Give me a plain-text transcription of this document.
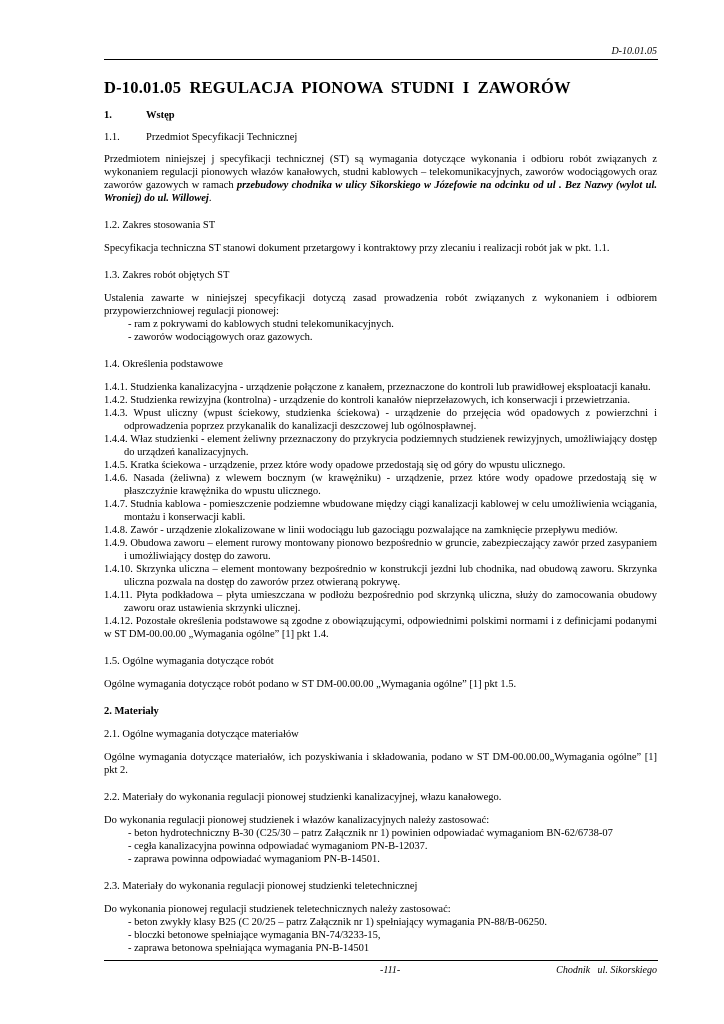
D-10.01.05
D-10.01.05 REGULACJA PIONOWA STUDNI I ZAWORÓW
1.	Wstęp
1.1.	Przedmiot Specyfikacji Technicznej

Przedmiotem niniejszej j specyfikacji technicznej (ST) są wymagania dotyczące wykonania i odbioru robót związanych z wykonaniem regulacji pionowych włazów kanałowych, studni kablowych – telekomunikacyjnych, zaworów wodociągowych oraz zaworów gazowych w ramach przebudowy chodnika w ulicy Sikorskiego w Józefowie na odcinku od ul . Bez Nazwy (wylot ul. Wroniej) do ul. Willowej.

1.2. Zakres stosowania ST

Specyfikacja techniczna ST stanowi dokument przetargowy i kontraktowy przy zlecaniu i realizacji robót jak w pkt. 1.1.

1.3. Zakres robót objętych ST

Ustalenia zawarte w niniejszej specyfikacji dotyczą zasad prowadzenia robót związanych z wykonaniem i odbiorem przypowierzchniowej regulacji pionowej:

- ram z pokrywami do kablowych studni telekomunikacyjnych.
- zaworów wodociągowych oraz gazowych.
1.4. Określenia podstawowe
1.4.1. Studzienka kanalizacyjna - urządzenie połączone z kanałem, przeznaczone do kontroli lub prawidłowej eksploatacji kanału.
1.4.2. Studzienka rewizyjna (kontrolna) - urządzenie do kontroli kanałów nieprzełazowych, ich konserwacji i przewietrzania.
1.4.3. Wpust uliczny (wpust ściekowy, studzienka ściekowa) - urządzenie do przejęcia wód opadowych z powierzchni i odprowadzenia poprzez przykanalik do kanalizacji deszczowej lub ogólnospławnej.
1.4.4. Właz studzienki - element żeliwny przeznaczony do przykrycia podziemnych studzienek rewizyjnych, umożliwiający dostęp do urządzeń kanalizacyjnych.
1.4.5. Kratka ściekowa - urządzenie, przez które wody opadowe przedostają się od góry do wpustu ulicznego.
1.4.6. Nasada (żeliwna) z wlewem bocznym (w krawężniku) - urządzenie, przez które wody opadowe przedostają się w płaszczyźnie krawężnika do wpustu ulicznego.
1.4.7. Studnia kablowa - pomieszczenie podziemne wbudowane między ciągi kanalizacji kablowej w celu umożliwienia wciągania, montażu i konserwacji kabli.
1.4.8. Zawór - urządzenie zlokalizowane w linii wodociągu lub gazociągu pozwalające na zamknięcie przepływu mediów.
1.4.9. Obudowa zaworu – element rurowy montowany pionowo bezpośrednio w gruncie, zabezpieczający zawór przed zasypaniem i umożliwiający dostęp do zaworu.
1.4.10. Skrzynka uliczna – element montowany bezpośrednio w konstrukcji jezdni lub chodnika, nad obudową zaworu. Skrzynka uliczna pozwala na dostęp do zaworów przez otwieraną pokrywę.
1.4.11. Płyta podkładowa – płyta umieszczana w podłożu bezpośrednio pod skrzynką uliczna, służy do zamocowania obudowy zaworu oraz ustawienia skrzynki ulicznej.

1.4.12. Pozostałe określenia podstawowe są zgodne z obowiązującymi, odpowiednimi polskimi normami i z definicjami podanymi w ST DM-00.00.00 „Wymagania ogólne” [1] pkt 1.4.

1.5. Ogólne wymagania dotyczące robót

Ogólne wymagania dotyczące robót podano w ST DM-00.00.00 „Wymagania ogólne” [1] pkt 1.5.

2. Materiały
2.1. Ogólne wymagania dotyczące materiałów

Ogólne wymagania dotyczące materiałów, ich pozyskiwania i składowania, podano w ST DM-00.00.00„Wymagania ogólne” [1] pkt 2.

2.2. Materiały do wykonania regulacji pionowej studzienki kanalizacyjnej, włazu kanałowego.

Do wykonania regulacji pionowej studzienek i włazów kanalizacyjnych należy zastosować:

- beton hydrotechniczny B-30 (C25/30 – patrz Załącznik nr 1) powinien odpowiadać wymaganiom BN-62/6738-07
- cegła kanalizacyjna powinna odpowiadać wymaganiom PN-B-12037.
- zaprawa powinna odpowiadać wymaganiom PN-B-14501.
2.3. Materiały do wykonania regulacji pionowej studzienki teletechnicznej

Do wykonania pionowej regulacji studzienek teletechnicznych należy zastosować:

- beton zwykły klasy B25 (C 20/25 – patrz Załącznik nr 1) spełniający wymagania PN-88/B-06250.
- bloczki betonowe spełniające wymagania BN-74/3233-15,
- zaprawa betonowa spełniająca wymagania PN-B-14501
-111-	Chodnik   ul. Sikorskiego
